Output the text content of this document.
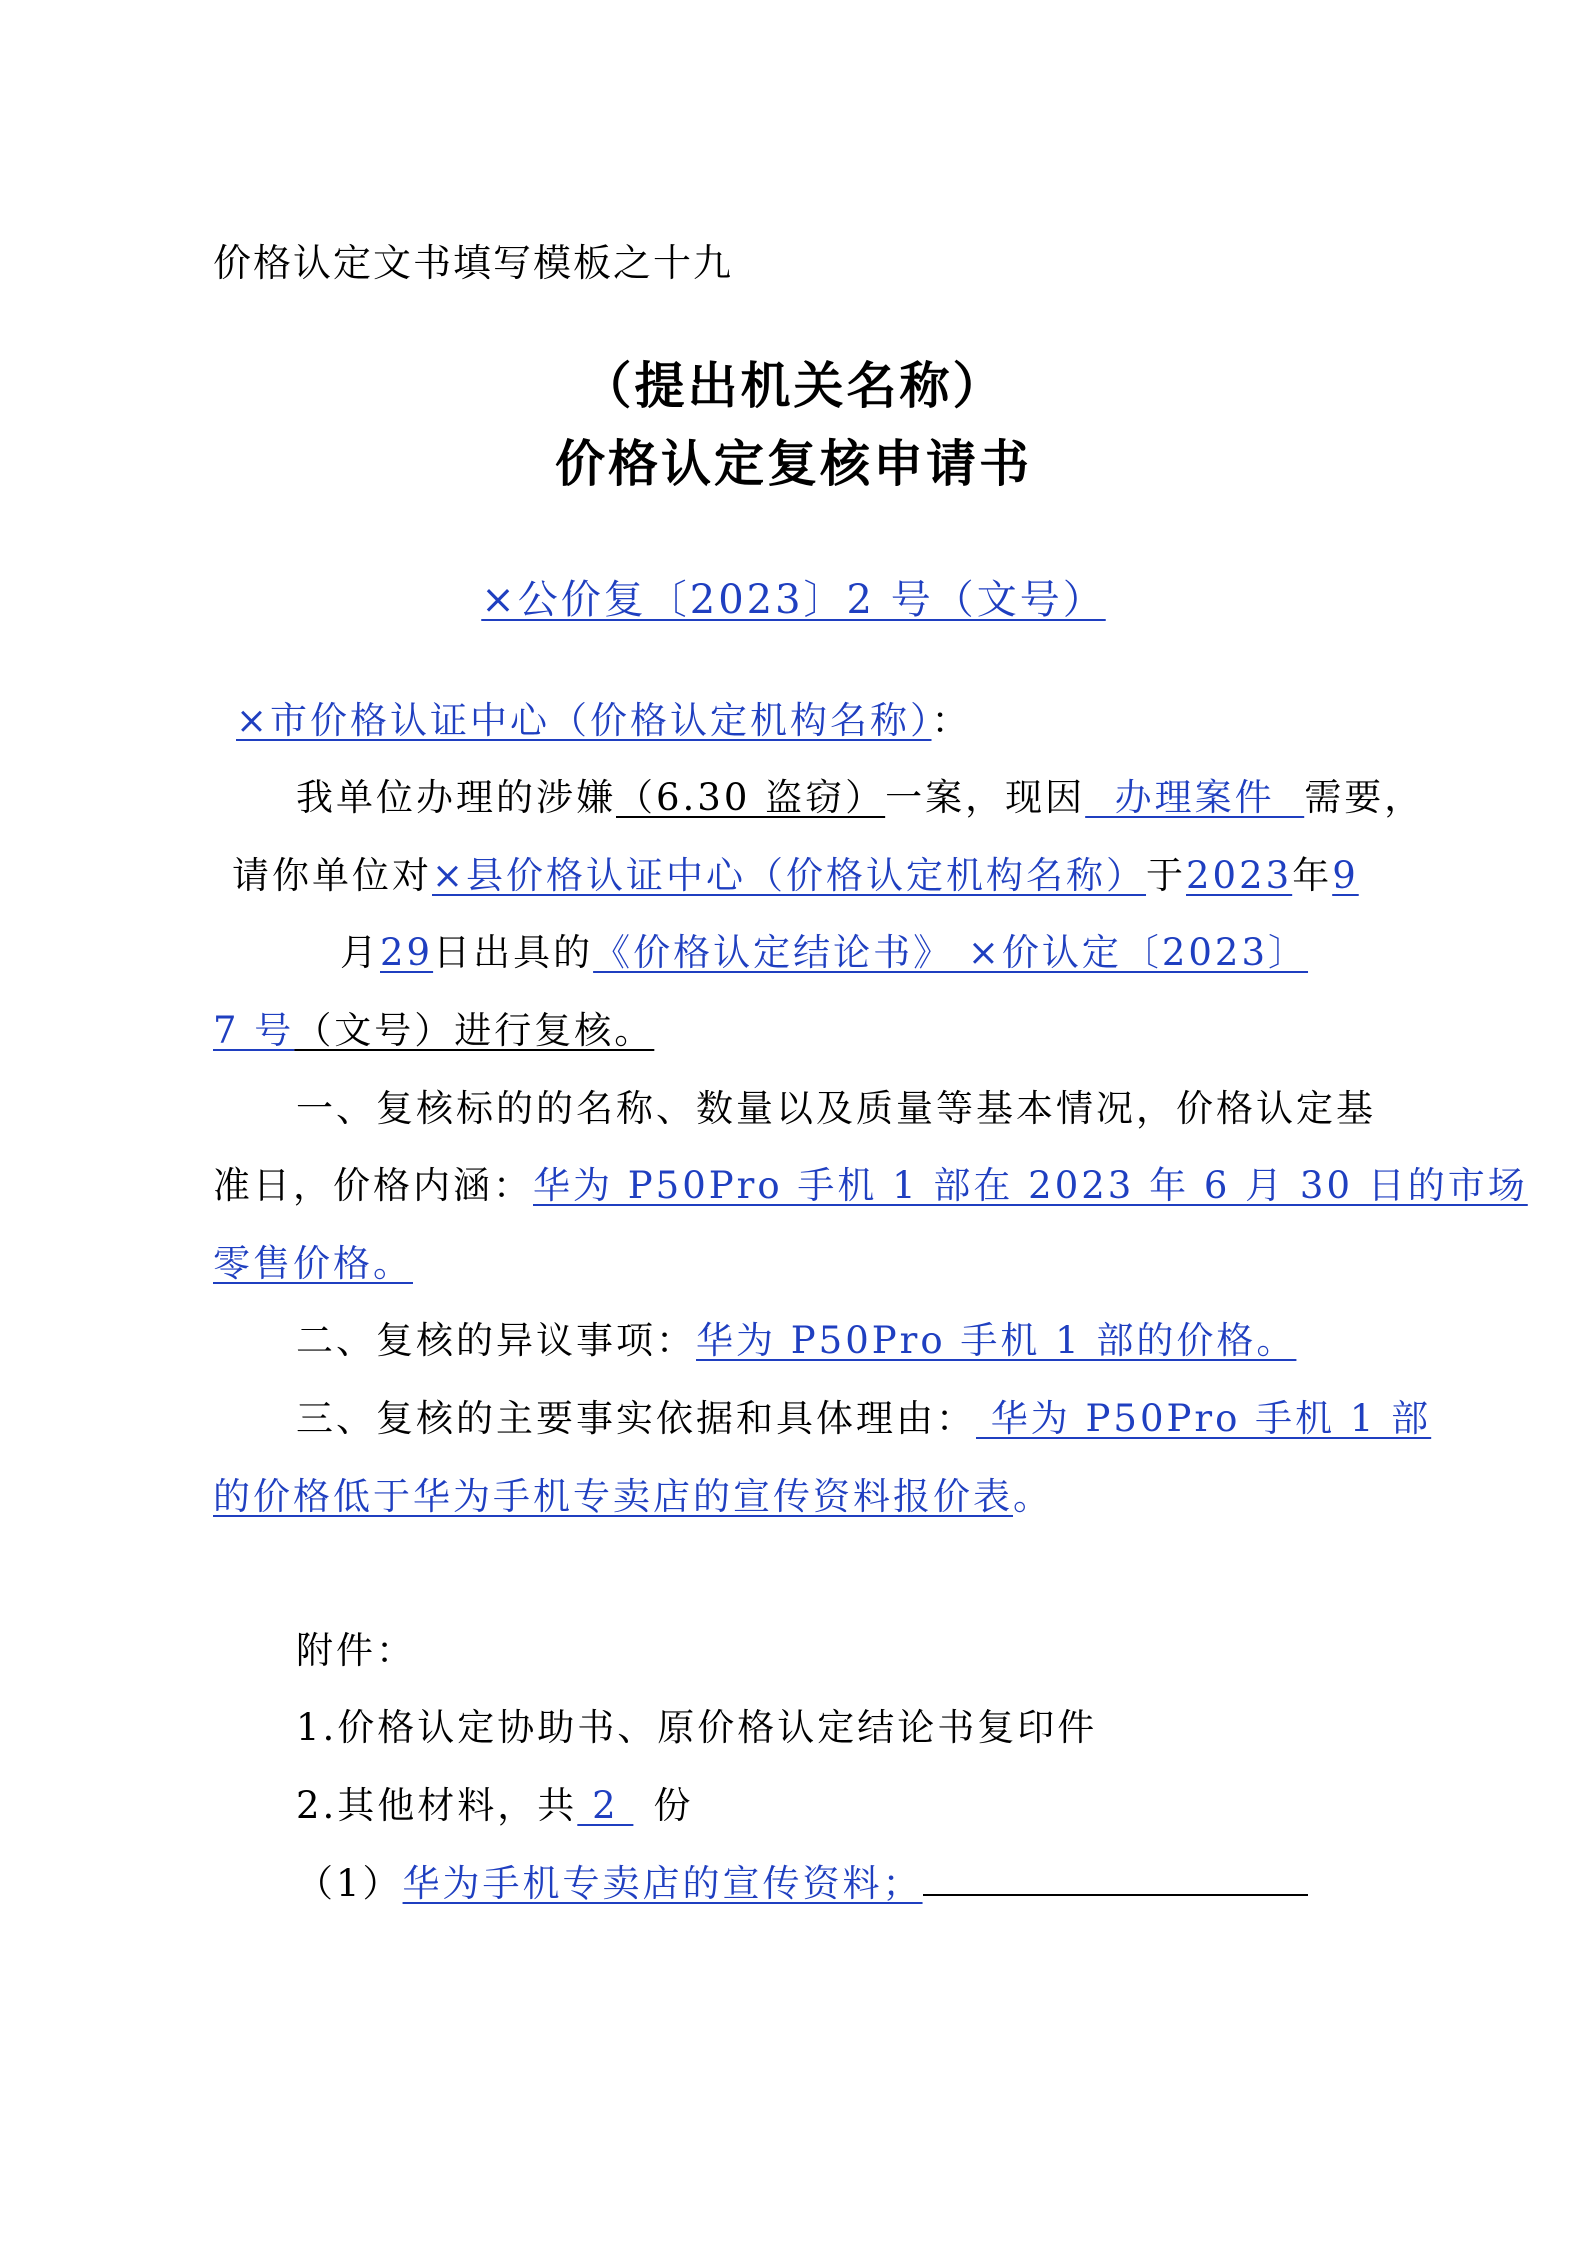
价格认定文书填写模板之十九
（提出机关名称）
价格认定复核申请书
×公价复〔2023〕2 号（文号）
×市价格认证中心（价格认定机构名称）：
我单位办理的涉嫌（6.30 盗窃）一案，现因  办理案件  需要，
请你单位对×县价格认证中心（价格认定机构名称）于2023年9
月29日出具的《价格认定结论书》 ×价认定〔2023〕
7 号（文号）进行复核。
一、复核标的的名称、数量以及质量等基本情况，价格认定基
准日，价格内涵：华为 P50Pro 手机 1 部在 2023 年 6 月 30 日的市场
零售价格。
二、复核的异议事项：华为 P50Pro 手机 1 部的价格。
三、复核的主要事实依据和具体理由： 华为 P50Pro 手机 1 部
的价格低于华为手机专卖店的宣传资料报价表。
附件：
1.价格认定协助书、原价格认定结论书复印件
2.其他材料，共 2 份
（1）华为手机专卖店的宣传资料；
